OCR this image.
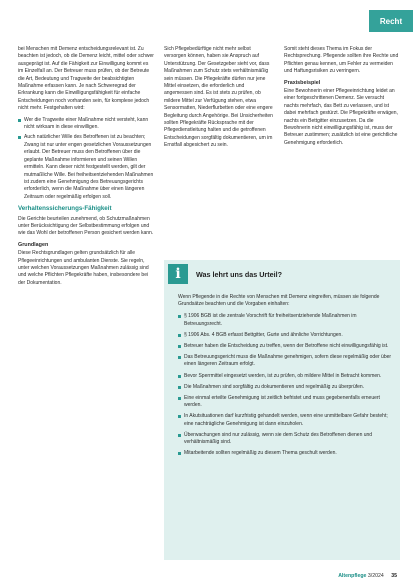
Recht

bei Menschen mit Demenz entscheidungsrelevant ist. Zu beachten ist jedoch, ob die Demenz leicht, mittel oder schwer ausgeprägt ist. Auf die Fähigkeit zur Einwilligung kommt es im Einzelfall an. Der Betreuer muss prüfen, ob der Betreute die Art, Bedeutung und Tragweite der beabsichtigten Maßnahme erfassen kann. Je nach Schweregrad der Erkrankung kann die Einwilligungsfähigkeit für einfache Entscheidungen noch vorhanden sein, für komplexe jedoch nicht mehr. Festgehalten wird:

Wer die Tragweite einer Maßnahme nicht versteht, kann nicht wirksam in diese einwilligen.
Auch natürlicher Wille des Betroffenen ist zu beachten; Zwang ist nur unter engen gesetzlichen Voraussetzungen erlaubt. Der Betreuer muss den Betroffenen über die geplante Maßnahme informieren und seinen Willen ermitteln. Kann dieser nicht festgestellt werden, gilt der mutmaßliche Wille. Bei freiheitsentziehenden Maßnahmen ist zudem eine Genehmigung des Betreuungsgerichts erforderlich, wenn die Maßnahme über einen längeren Zeitraum oder regelmäßig erfolgen soll.
Verhaltenssicherungs-Fähigkeit

Die Gerichte beurteilen zunehmend, ob Schutzmaßnahmen unter Berücksichtigung der Selbstbestimmung erfolgen und wie das Wohl der betroffenen Person gesichert werden kann.

Grundlagen

Diese Rechtsgrundlagen gelten grundsätzlich für alle Pflegeeinrichtungen und ambulanten Dienste. Sie regeln, unter welchen Voraussetzungen Maßnahmen zulässig sind und welche Pflichten Pflegekräfte haben, insbesondere bei der Dokumentation.

Sich Pflegebedürftige nicht mehr selbst versorgen können, haben sie Anspruch auf Unterstützung. Der Gesetzgeber sieht vor, dass Maßnahmen zum Schutz stets verhältnismäßig sein müssen. Die Pflegekräfte dürfen nur jene Mittel einsetzen, die erforderlich und angemessen sind. Es ist stets zu prüfen, ob mildere Mittel zur Verfügung stehen, etwa Sensormatten, Niederflurbetten oder eine engere Begleitung durch Angehörige. Bei Unsicherheiten sollten Pflegekräfte Rücksprache mit der Pflegedienstleitung halten und die getroffenen Entscheidungen sorgfältig dokumentieren, um im Ernstfall abgesichert zu sein.

Somit steht dieses Thema im Fokus der Rechtsprechung. Pflegende sollten ihre Rechte und Pflichten genau kennen, um Fehler zu vermeiden und Haftungsrisiken zu verringern.

Praxisbeispiel

Eine Bewohnerin einer Pflegeeinrichtung leidet an einer fortgeschrittenen Demenz. Sie versucht nachts mehrfach, das Bett zu verlassen, und ist dabei mehrfach gestürzt. Die Pflegekräfte erwägen, nachts ein Bettgitter einzusetzen. Da die Bewohnerin nicht einwilligungsfähig ist, muss der Betreuer zustimmen; zusätzlich ist eine gerichtliche Genehmigung erforderlich.

i	Was lehrt uns das Urteil?

Wenn Pflegende in die Rechte von Menschen mit Demenz eingreifen, müssen sie folgende Grundsätze beachten und die Vorgaben einhalten:

§ 1906 BGB ist die zentrale Vorschrift für freiheitsentziehende Maßnahmen im Betreuungsrecht.
§ 1906 Abs. 4 BGB erfasst Bettgitter, Gurte und ähnliche Vorrichtungen.
Betreuer haben die Entscheidung zu treffen, wenn der Betroffene nicht einwilligungsfähig ist.
Das Betreuungsgericht muss die Maßnahme genehmigen, sofern diese regelmäßig oder über einen längeren Zeitraum erfolgt.
Bevor Sperrmittel eingesetzt werden, ist zu prüfen, ob mildere Mittel in Betracht kommen.
Die Maßnahmen sind sorgfältig zu dokumentieren und regelmäßig zu überprüfen.
Eine einmal erteilte Genehmigung ist zeitlich befristet und muss gegebenenfalls erneuert werden.
In Akutsituationen darf kurzfristig gehandelt werden, wenn eine unmittelbare Gefahr besteht; eine nachträgliche Genehmigung ist dann einzuholen.
Überwachungen sind nur zulässig, wenn sie dem Schutz des Betroffenen dienen und verhältnismäßig sind.
Mitarbeitende sollten regelmäßig zu diesem Thema geschult werden.
Altenpflege 3/2024 35
